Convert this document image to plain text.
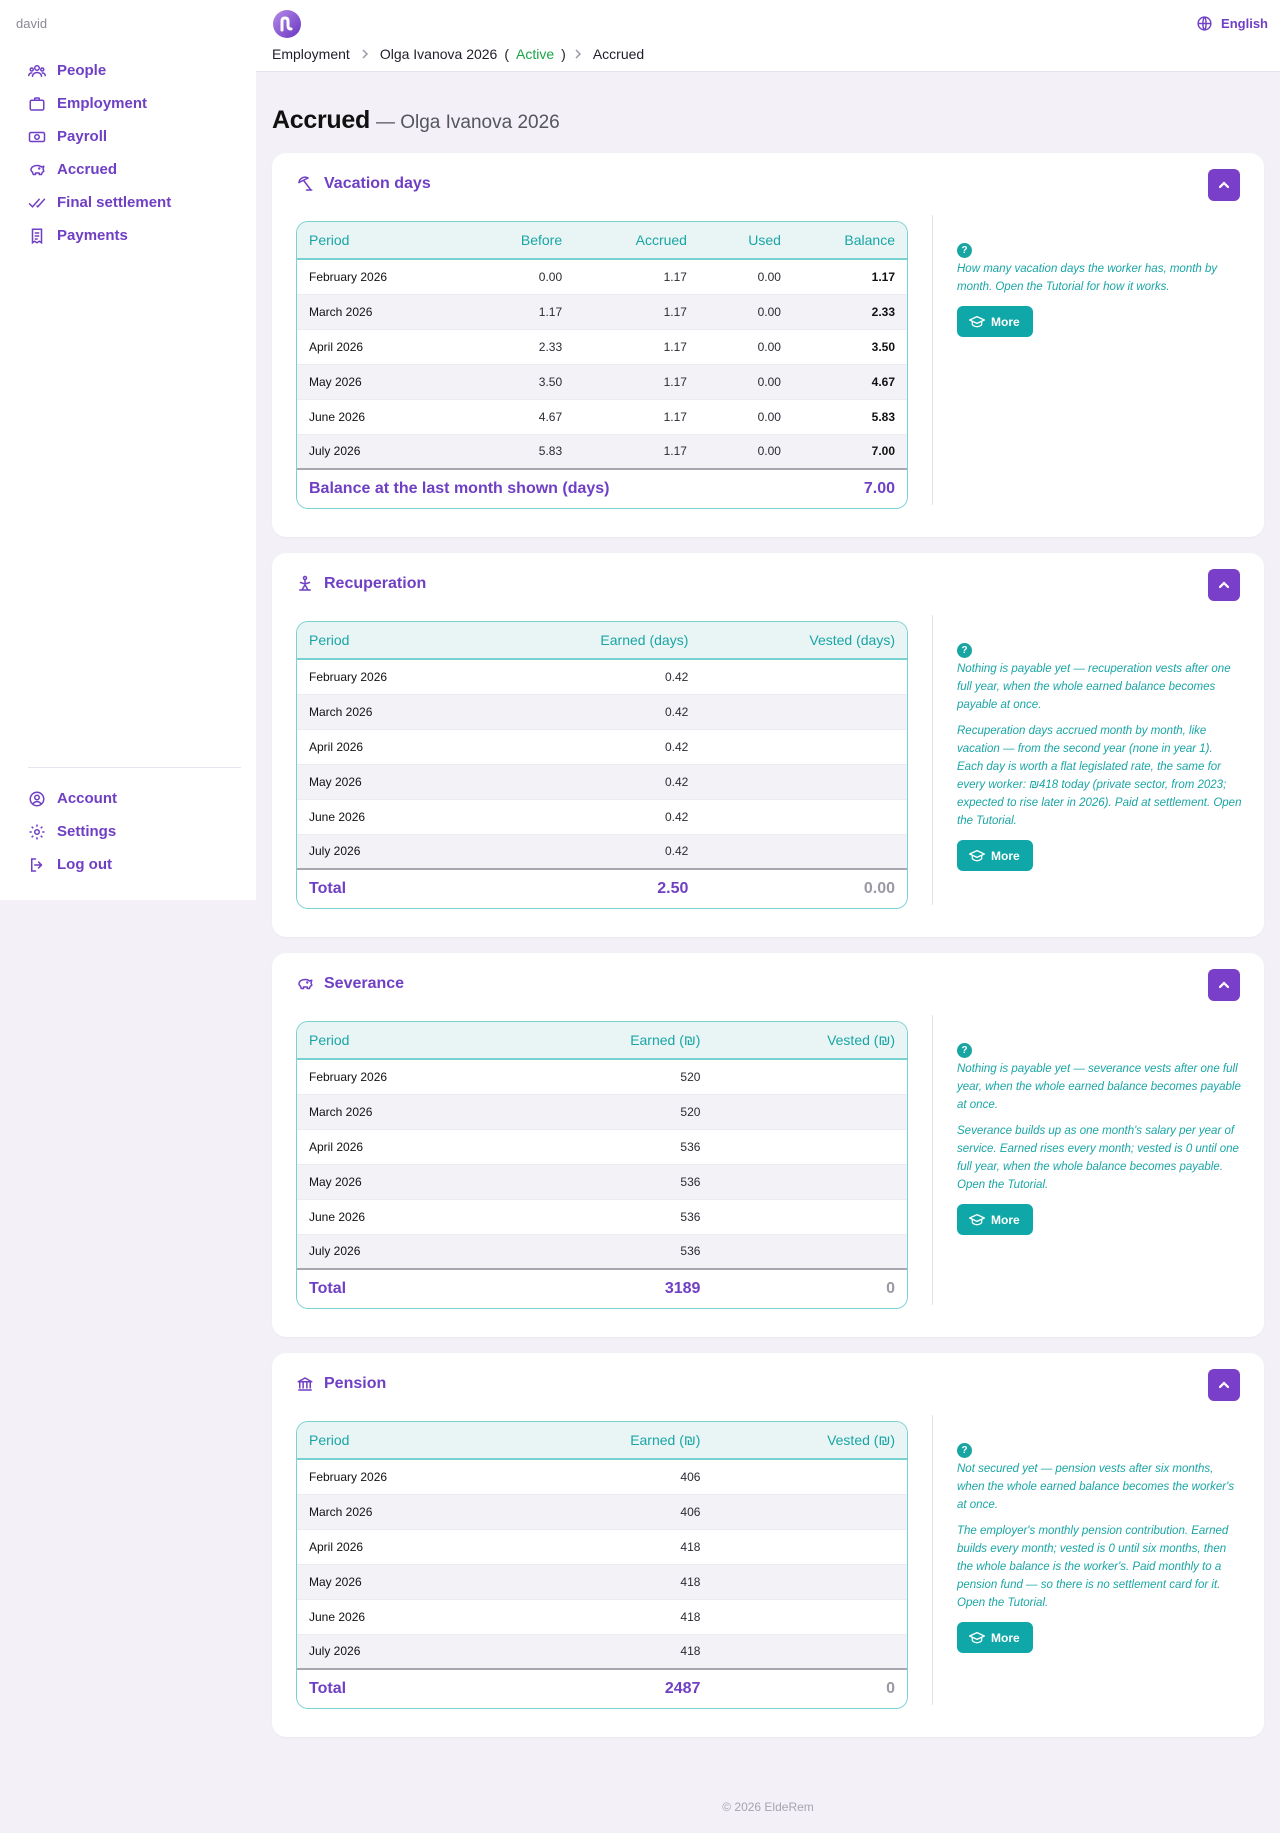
david
People
Employment
Payroll
Accrued
Final settlement
Payments
Account
Settings
Log out
Employment Olga Ivanova 2026 ( Active ) Accrued
English
Accrued — Olga Ivanova 2026
Vacation days
Period	Before	Accrued	Used	Balance
February 2026	0.00	1.17	0.00	1.17
March 2026	1.17	1.17	0.00	2.33
April 2026	2.33	1.17	0.00	3.50
May 2026	3.50	1.17	0.00	4.67
June 2026	4.67	1.17	0.00	5.83
July 2026	5.83	1.17	0.00	7.00
Balance at the last month shown (days)				7.00
?

How many vacation days the worker has, month by month. Open the Tutorial for how it works.

More
Recuperation
Period	Earned (days)	Vested (days)
February 2026	0.42	
March 2026	0.42	
April 2026	0.42	
May 2026	0.42	
June 2026	0.42	
July 2026	0.42	
Total	2.50	0.00
?

Nothing is payable yet — recuperation vests after one full year, when the whole earned balance becomes payable at once.

Recuperation days accrued month by month, like vacation — from the second year (none in year 1). Each day is worth a flat legislated rate, the same for every worker: ₪418 today (private sector, from 2023; expected to rise later in 2026). Paid at settlement. Open the Tutorial.

More
Severance
Period	Earned (₪)	Vested (₪)
February 2026	520	
March 2026	520	
April 2026	536	
May 2026	536	
June 2026	536	
July 2026	536	
Total	3189	0
?

Nothing is payable yet — severance vests after one full year, when the whole earned balance becomes payable at once.

Severance builds up as one month's salary per year of service. Earned rises every month; vested is 0 until one full year, when the whole balance becomes payable. Open the Tutorial.

More
Pension
Period	Earned (₪)	Vested (₪)
February 2026	406	
March 2026	406	
April 2026	418	
May 2026	418	
June 2026	418	
July 2026	418	
Total	2487	0
?

Not secured yet — pension vests after six months, when the whole earned balance becomes the worker's at once.

The employer's monthly pension contribution. Earned builds every month; vested is 0 until six months, then the whole balance is the worker's. Paid monthly to a pension fund — so there is no settlement card for it. Open the Tutorial.

More
© 2026 EldeRem
